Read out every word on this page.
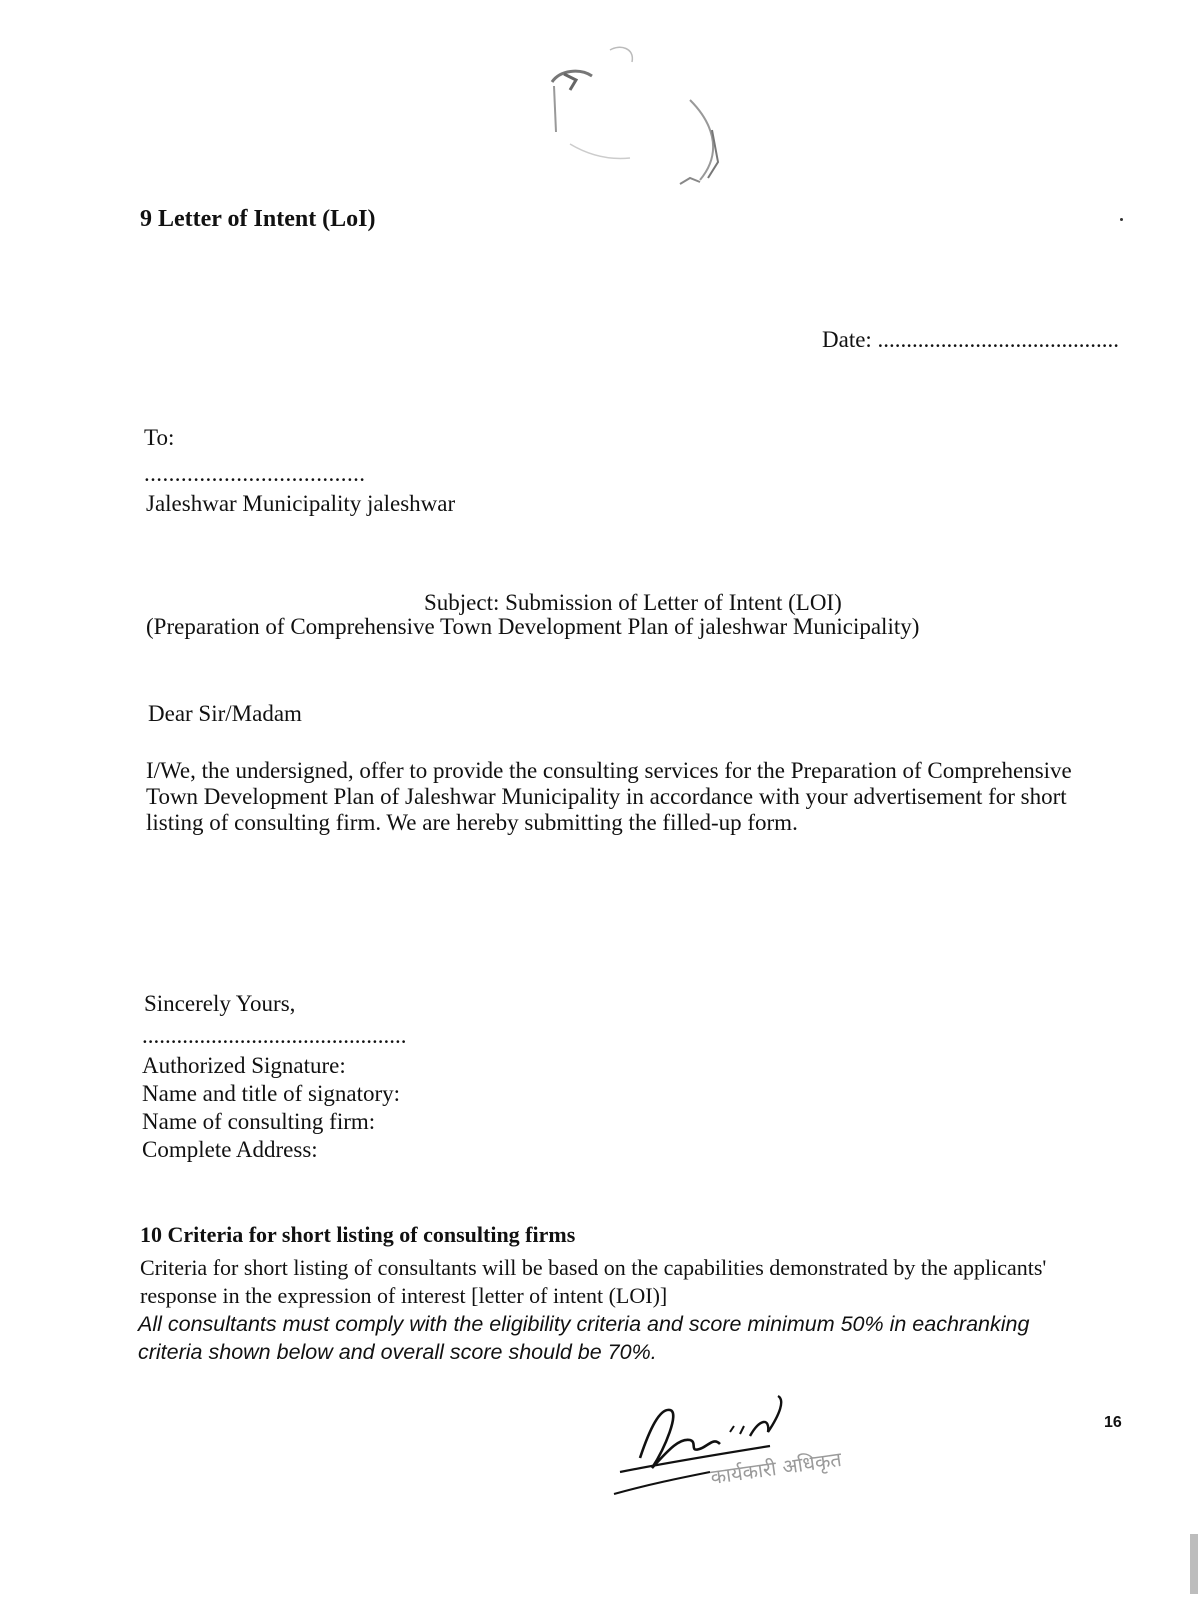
9 Letter of Intent (LoI)
Date: ..........................................
To:
....................................
Jaleshwar Municipality jaleshwar
Subject: Submission of Letter of Intent (LOI)
(Preparation of Comprehensive Town Development Plan of jaleshwar Municipality)
Dear Sir/Madam
I/We, the undersigned, offer to provide the consulting services for the Preparation of Comprehensive Town Development Plan of Jaleshwar Municipality in accordance with your advertisement for short listing of consulting firm. We are hereby submitting the filled-up form.
Sincerely Yours,
..............................................
Authorized Signature:
Name and title of signatory:
Name of consulting firm:
Complete Address:
10 Criteria for short listing of consulting firms
Criteria for short listing of consultants will be based on the capabilities demonstrated by the applicants' response in the expression of interest [letter of intent (LOI)]
All consultants must comply with the eligibility criteria and score minimum 50% in eachranking criteria shown below and overall score should be 70%.
कार्यकारी अधिकृत
16
